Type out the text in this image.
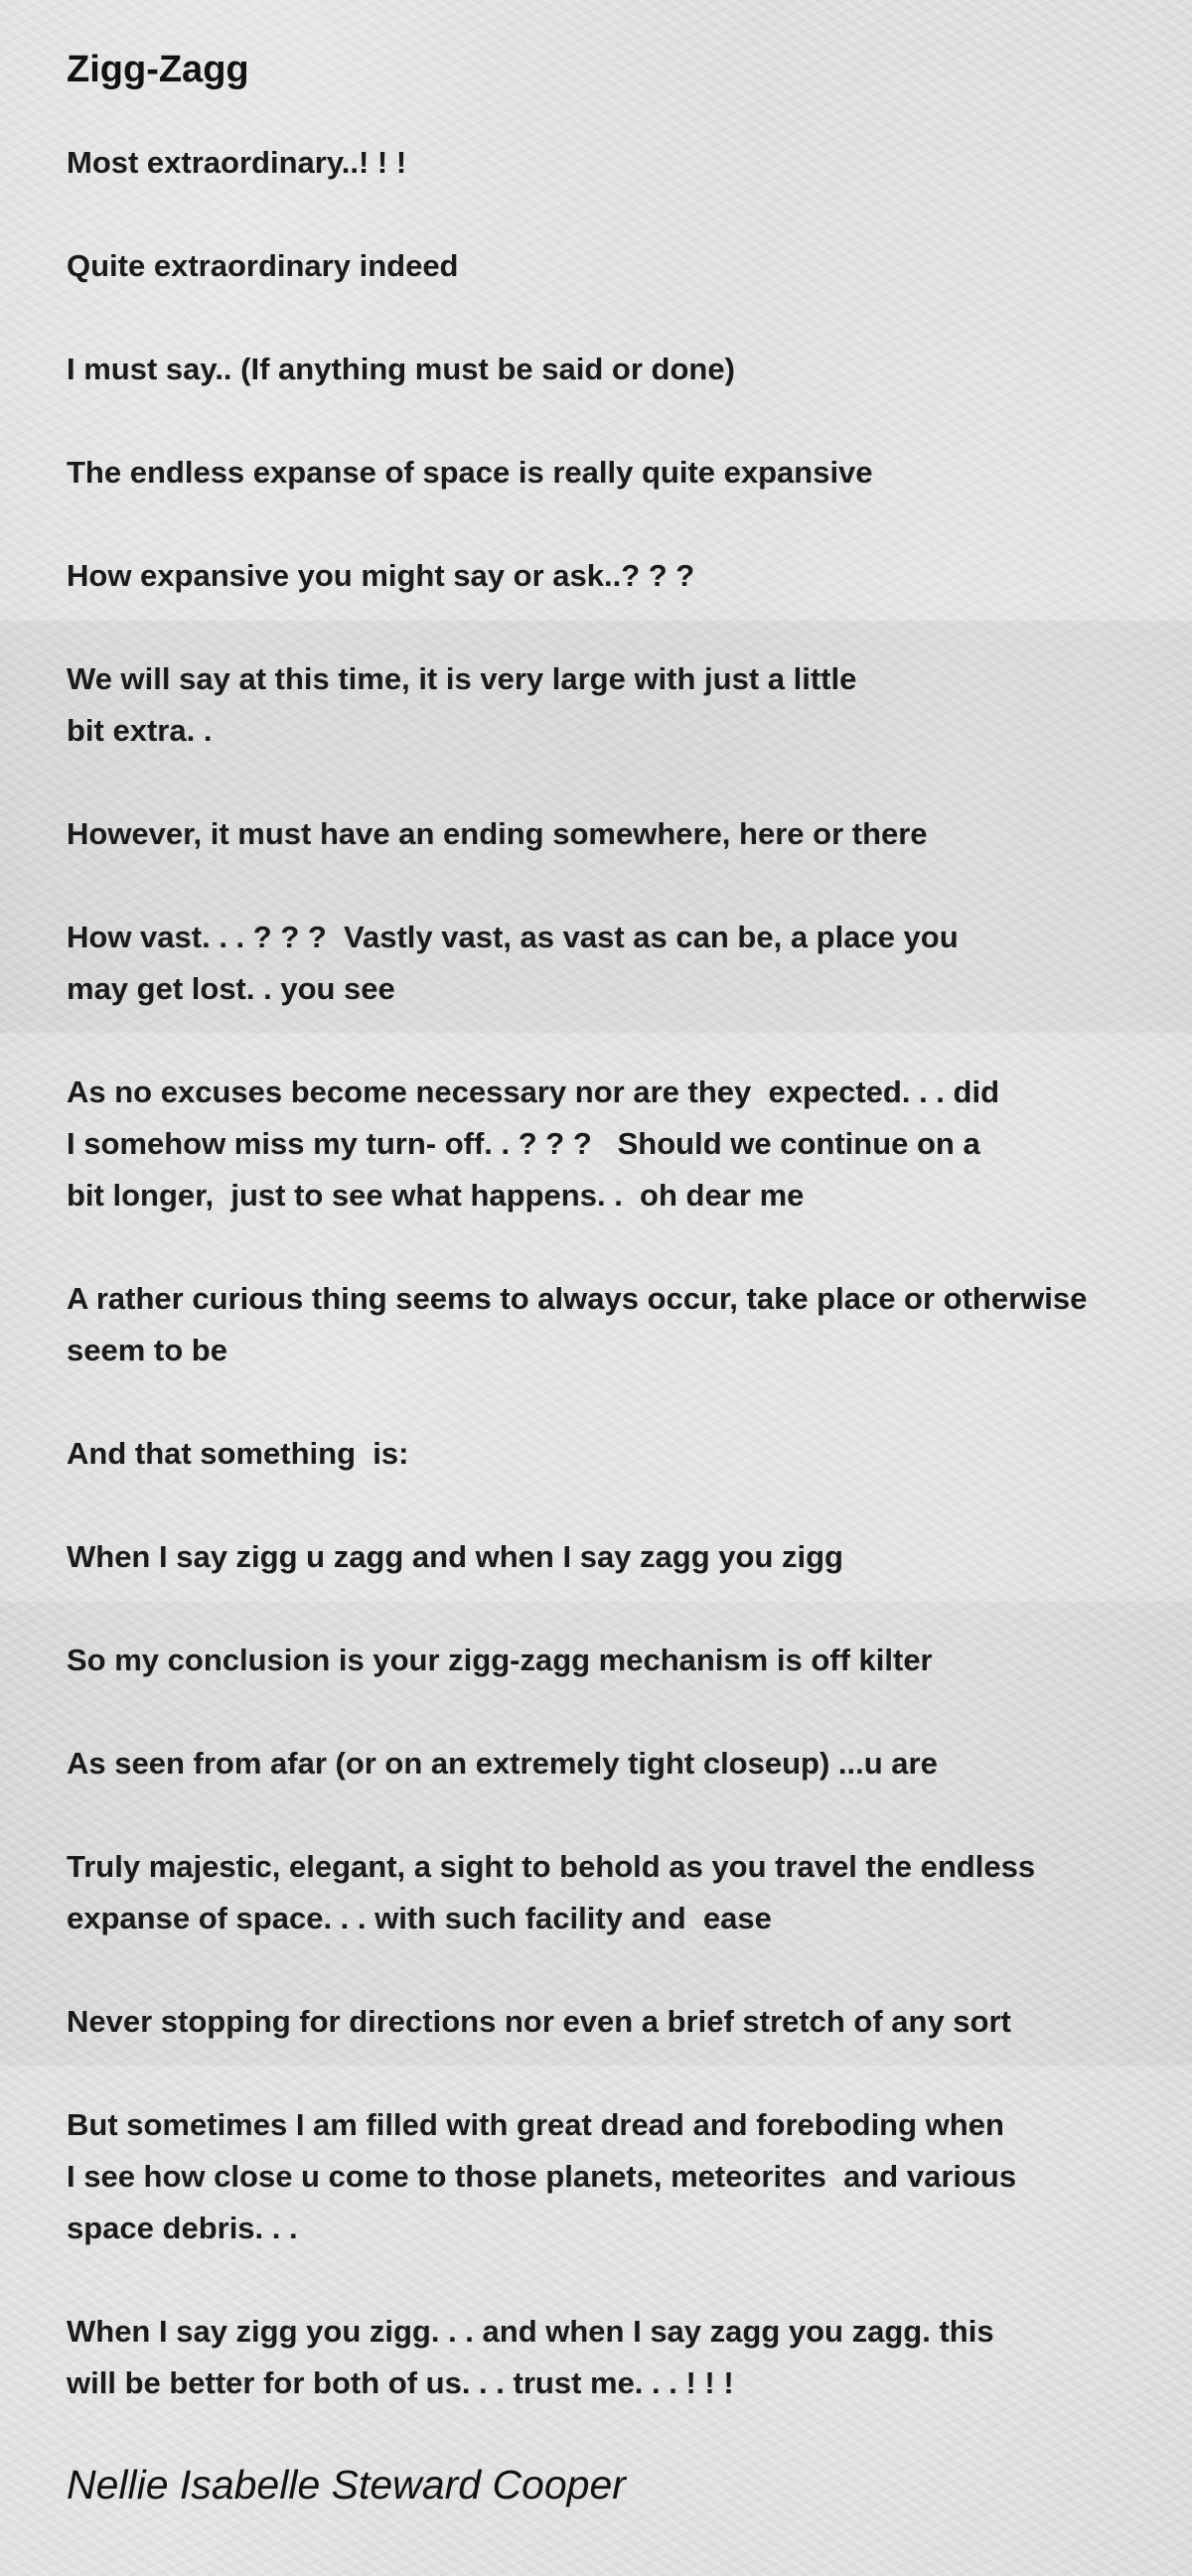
Zigg-Zagg

Most extraordinary..! ! !

Quite extraordinary indeed

I must say.. (If anything must be said or done)

The endless expanse of space is really quite expansive

How expansive you might say or ask..? ? ?

We will say at this time, it is very large with just a little
bit extra. .

However, it must have an ending somewhere, here or there

How vast. . . ? ? ?  Vastly vast, as vast as can be, a place you
may get lost. . you see

As no excuses become necessary nor are they  expected. . . did
I somehow miss my turn- off. . ? ? ?   Should we continue on a
bit longer,  just to see what happens. .  oh dear me

A rather curious thing seems to always occur, take place or otherwise
seem to be

And that something  is:

When I say zigg u zagg and when I say zagg you zigg

So my conclusion is your zigg-zagg mechanism is off kilter

As seen from afar (or on an extremely tight closeup) ...u are

Truly majestic, elegant, a sight to behold as you travel the endless
expanse of space. . . with such facility and  ease

Never stopping for directions nor even a brief stretch of any sort

But sometimes I am filled with great dread and foreboding when
I see how close u come to those planets, meteorites  and various
space debris. . .

When I say zigg you zigg. . . and when I say zagg you zagg. this
will be better for both of us. . . trust me. . . ! ! !

Nellie Isabelle Steward Cooper
